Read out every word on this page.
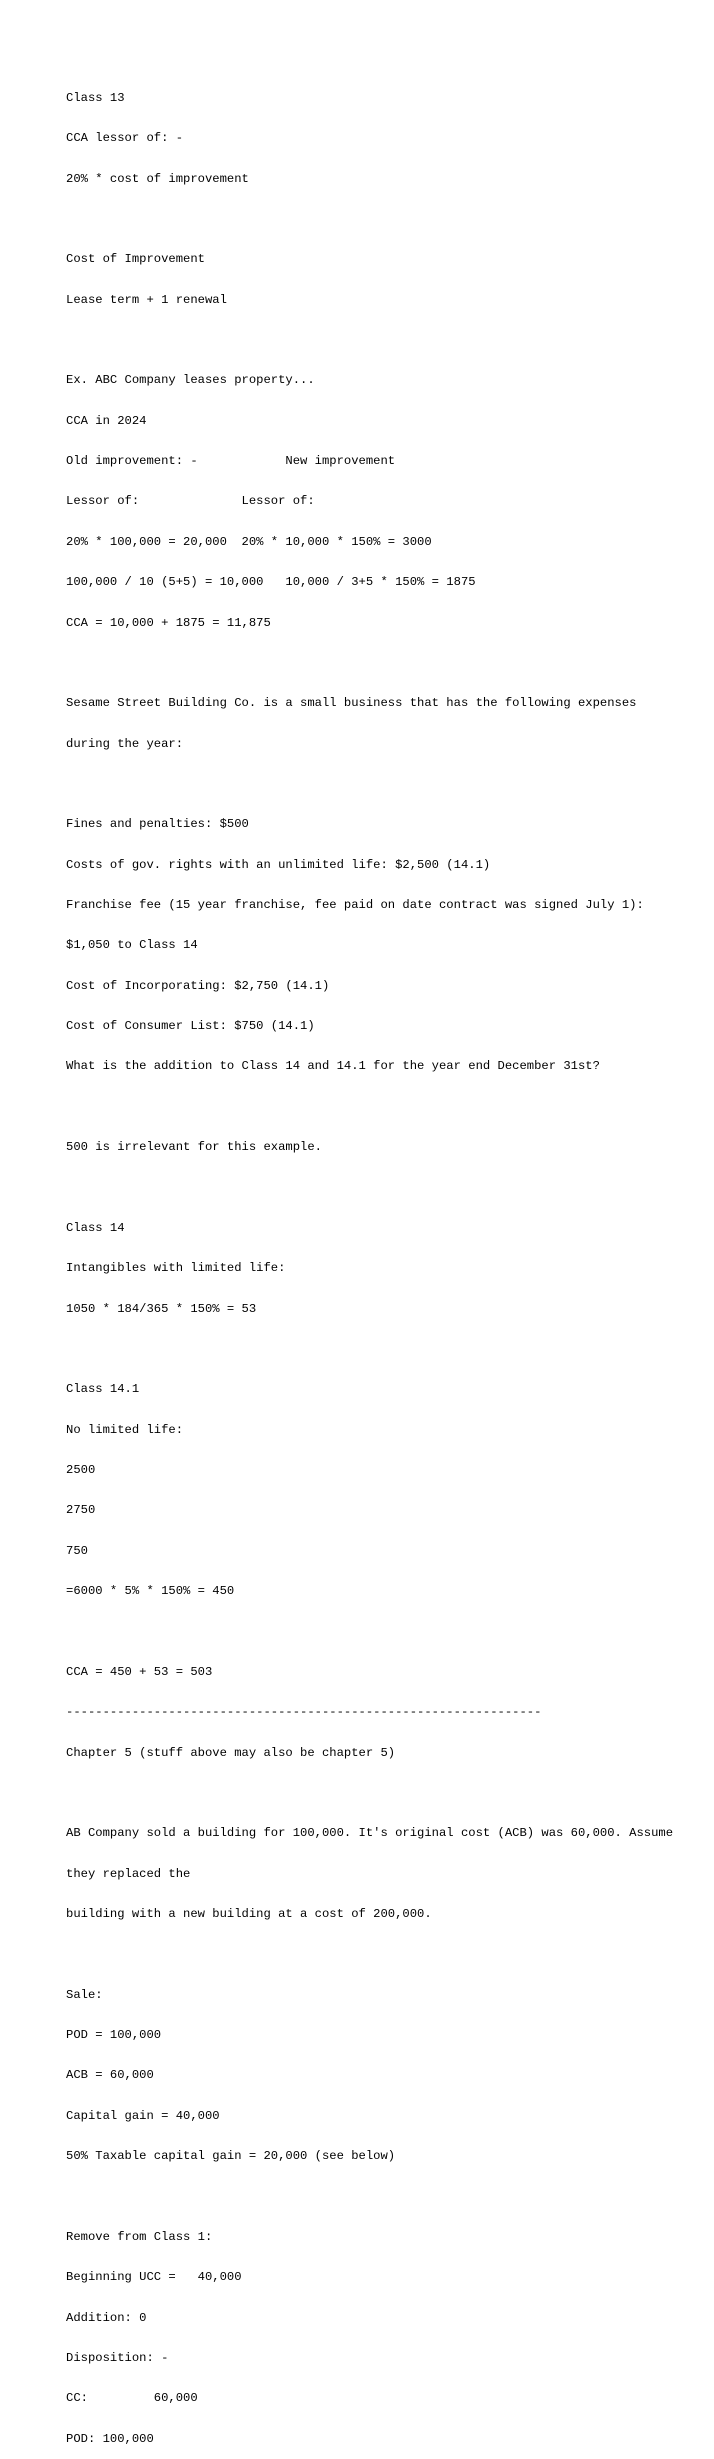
Class 13

CCA lessor of: -

20% * cost of improvement

Cost of Improvement

Lease term + 1 renewal

Ex. ABC Company leases property...

CCA in 2024

Old improvement: -            New improvement

Lessor of:              Lessor of:

20% * 100,000 = 20,000  20% * 10,000 * 150% = 3000

100,000 / 10 (5+5) = 10,000   10,000 / 3+5 * 150% = 1875

CCA = 10,000 + 1875 = 11,875

Sesame Street Building Co. is a small business that has the following expenses

during the year:

Fines and penalties: $500

Costs of gov. rights with an unlimited life: $2,500 (14.1)

Franchise fee (15 year franchise, fee paid on date contract was signed July 1):

$1,050 to Class 14

Cost of Incorporating: $2,750 (14.1)

Cost of Consumer List: $750 (14.1)

What is the addition to Class 14 and 14.1 for the year end December 31st?

500 is irrelevant for this example.

Class 14

Intangibles with limited life:

1050 * 184/365 * 150% = 53

Class 14.1

No limited life:

2500

2750

750

=6000 * 5% * 150% = 450

CCA = 450 + 53 = 503

-----------------------------------------------------------------

Chapter 5 (stuff above may also be chapter 5)

AB Company sold a building for 100,000. It's original cost (ACB) was 60,000. Assume

they replaced the

building with a new building at a cost of 200,000.

Sale:

POD = 100,000

ACB = 60,000

Capital gain = 40,000

50% Taxable capital gain = 20,000 (see below)

Remove from Class 1:

Beginning UCC =   40,000

Addition: 0

Disposition: -

CC:         60,000

POD: 100,000
